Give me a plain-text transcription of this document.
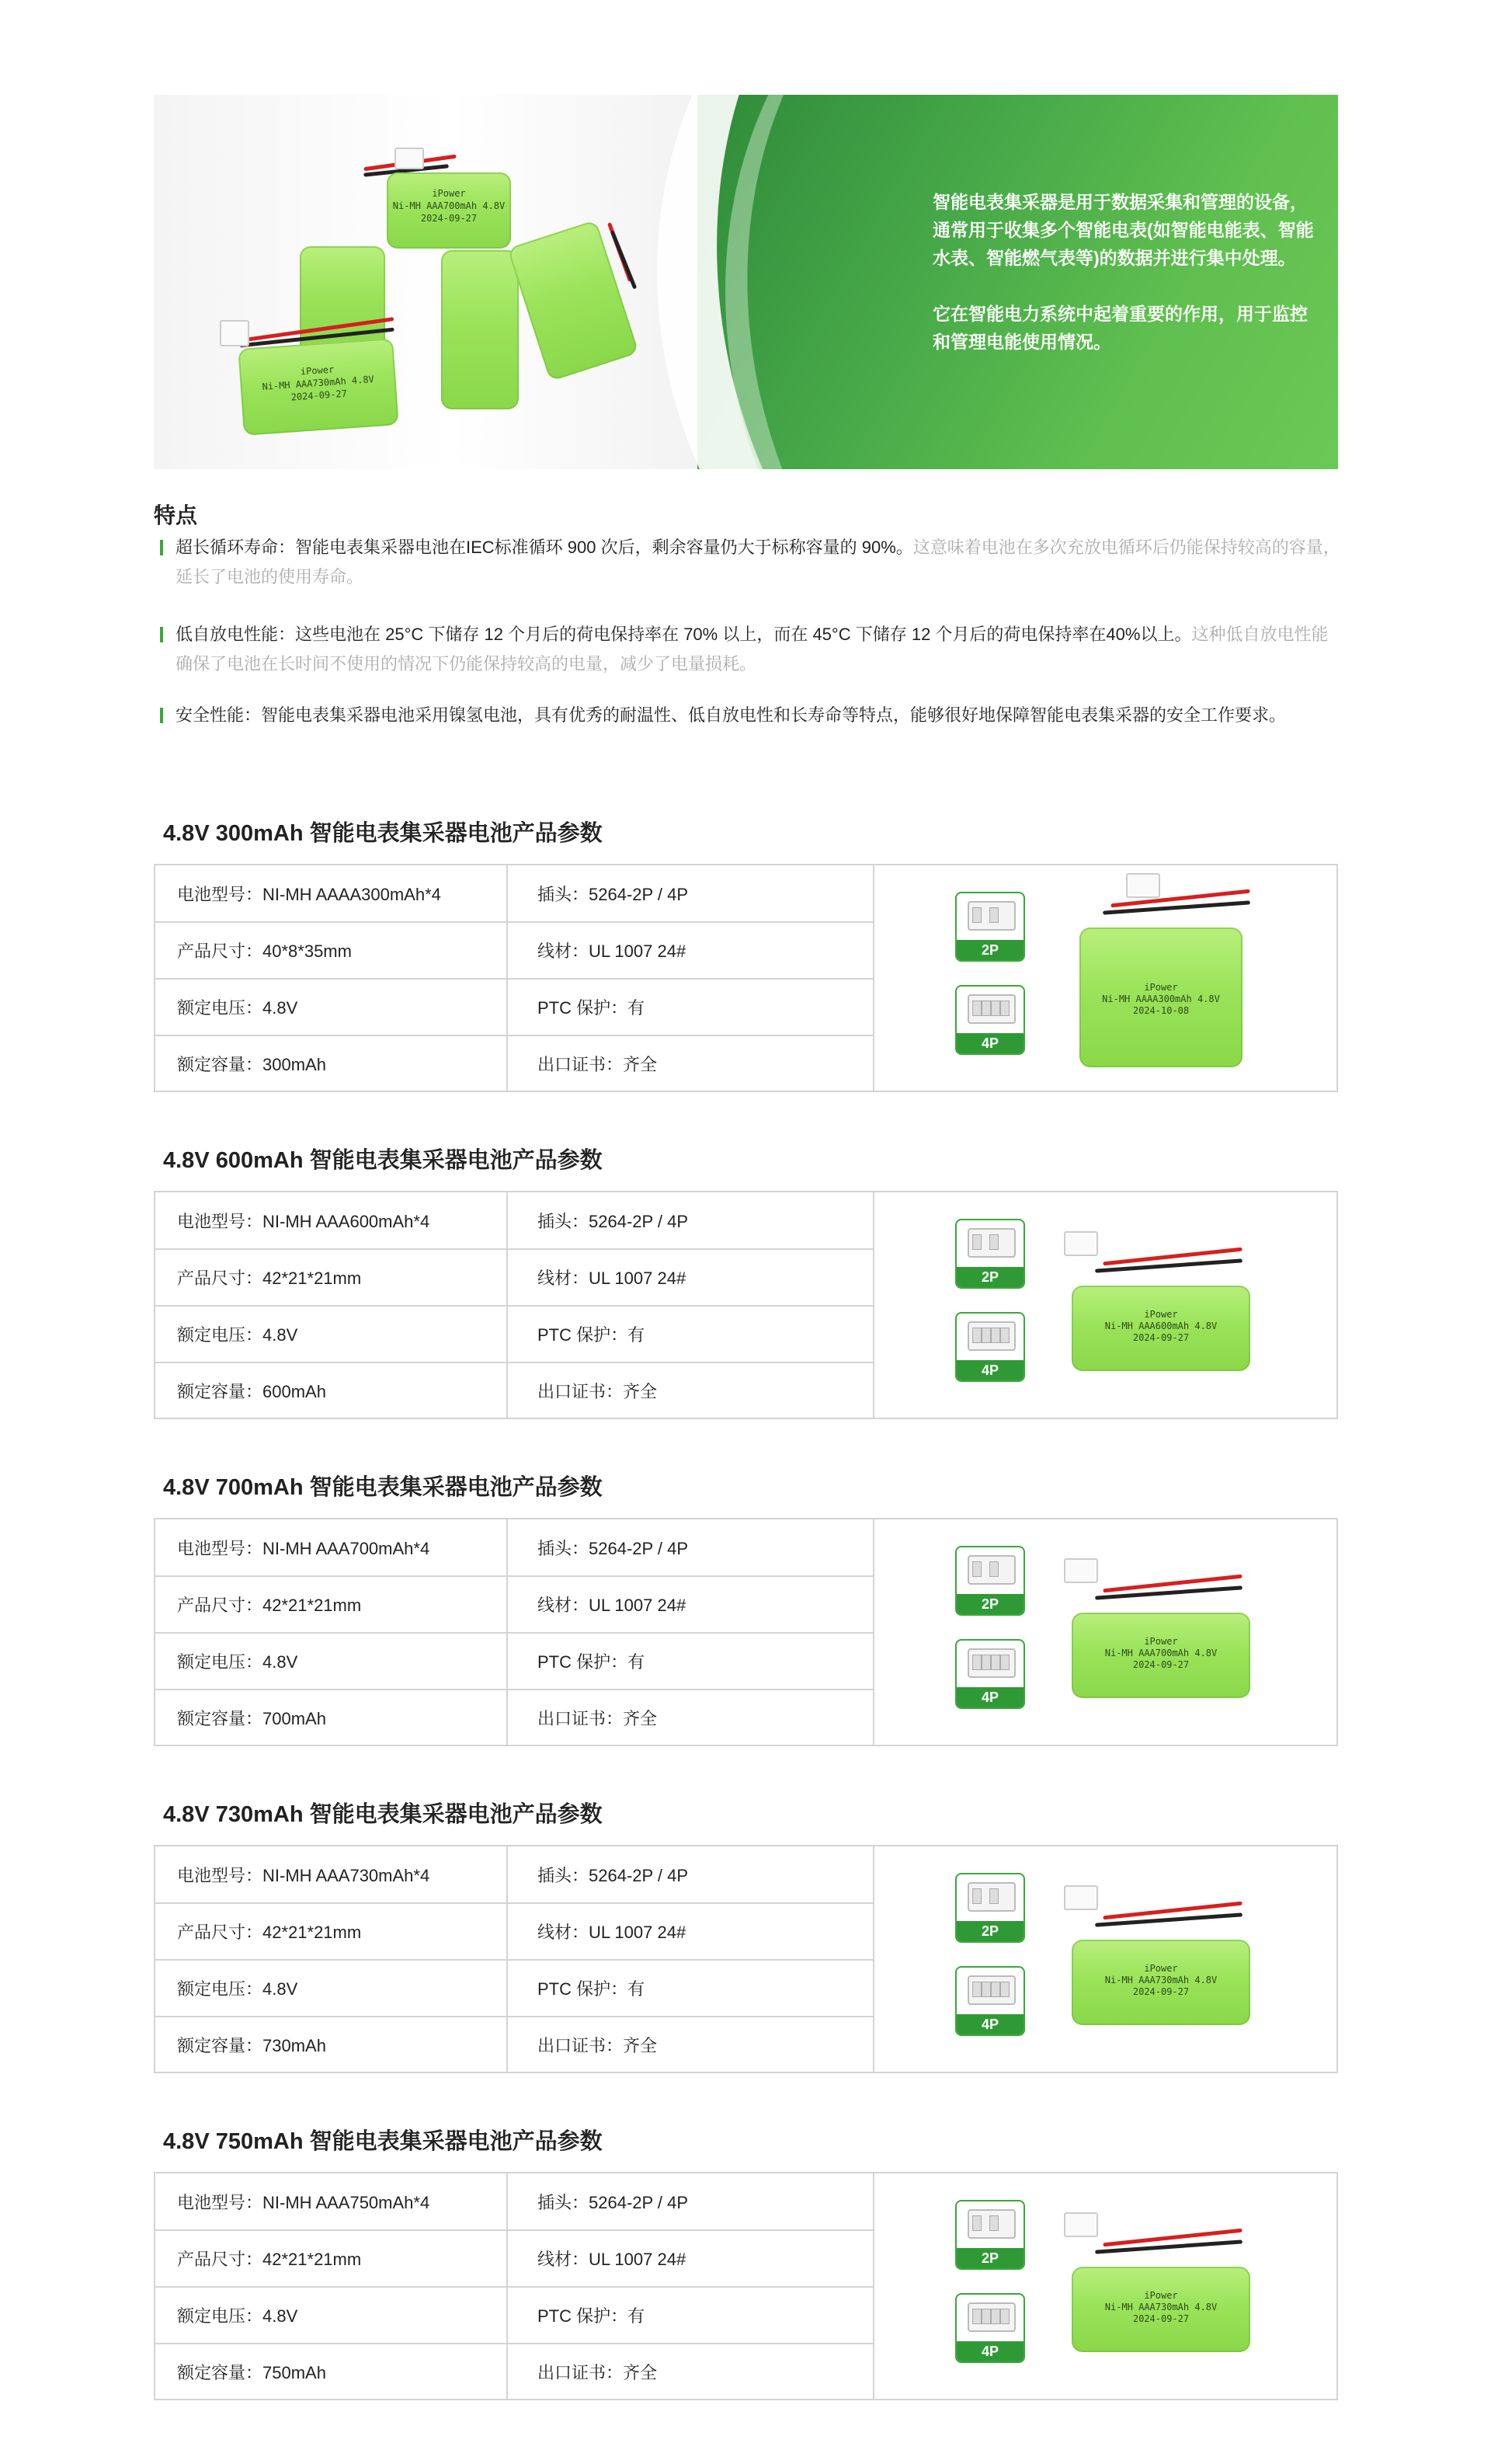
iPower
Ni-MH AAA700mAh 4.8V
2024-09-27
iPower
Ni-MH AAA730mAh 4.8V
2024-09-27

智能电表集采器是用于数据采集和管理的设备，通常用于收集多个智能电表(如智能电能表、智能水表、智能燃气表等)的数据并进行集中处理。

它在智能电力系统中起着重要的作用，用于监控和管理电能使用情况。

特点
超长循环寿命：智能电表集采器电池在IEC标准循环 900 次后，剩余容量仍大于标称容量的 90%。这意味着电池在多次充放电循环后仍能保持较高的容量，延长了电池的使用寿命。
低自放电性能：这些电池在 25°C 下储存 12 个月后的荷电保持率在 70% 以上，而在 45°C 下储存 12 个月后的荷电保持率在40%以上。这种低自放电性能确保了电池在长时间不使用的情况下仍能保持较高的电量，减少了电量损耗。
安全性能：智能电表集采器电池采用镍氢电池，具有优秀的耐温性、低自放电性和长寿命等特点，能够很好地保障智能电表集采器的安全工作要求。
4.8V 300mAh 智能电表集采器电池产品参数
电池型号：NI-MH AAAA300mAh*4	插头：5264-2P / 4P
产品尺寸：40*8*35mm	线材：UL 1007 24#
额定电压：4.8V	PTC 保护：有
额定容量：300mAh	出口证书：齐全
2P
4P
iPower
Ni-MH AAAA300mAh 4.8V
2024-10-08
4.8V 600mAh 智能电表集采器电池产品参数
电池型号：NI-MH AAA600mAh*4	插头：5264-2P / 4P
产品尺寸：42*21*21mm	线材：UL 1007 24#
额定电压：4.8V	PTC 保护：有
额定容量：600mAh	出口证书：齐全
2P
4P
iPower
Ni-MH AAA600mAh 4.8V
2024-09-27
4.8V 700mAh 智能电表集采器电池产品参数
电池型号：NI-MH AAA700mAh*4	插头：5264-2P / 4P
产品尺寸：42*21*21mm	线材：UL 1007 24#
额定电压：4.8V	PTC 保护：有
额定容量：700mAh	出口证书：齐全
2P
4P
iPower
Ni-MH AAA700mAh 4.8V
2024-09-27
4.8V 730mAh 智能电表集采器电池产品参数
电池型号：NI-MH AAA730mAh*4	插头：5264-2P / 4P
产品尺寸：42*21*21mm	线材：UL 1007 24#
额定电压：4.8V	PTC 保护：有
额定容量：730mAh	出口证书：齐全
2P
4P
iPower
Ni-MH AAA730mAh 4.8V
2024-09-27
4.8V 750mAh 智能电表集采器电池产品参数
电池型号：NI-MH AAA750mAh*4	插头：5264-2P / 4P
产品尺寸：42*21*21mm	线材：UL 1007 24#
额定电压：4.8V	PTC 保护：有
额定容量：750mAh	出口证书：齐全
2P
4P
iPower
Ni-MH AAA730mAh 4.8V
2024-09-27
